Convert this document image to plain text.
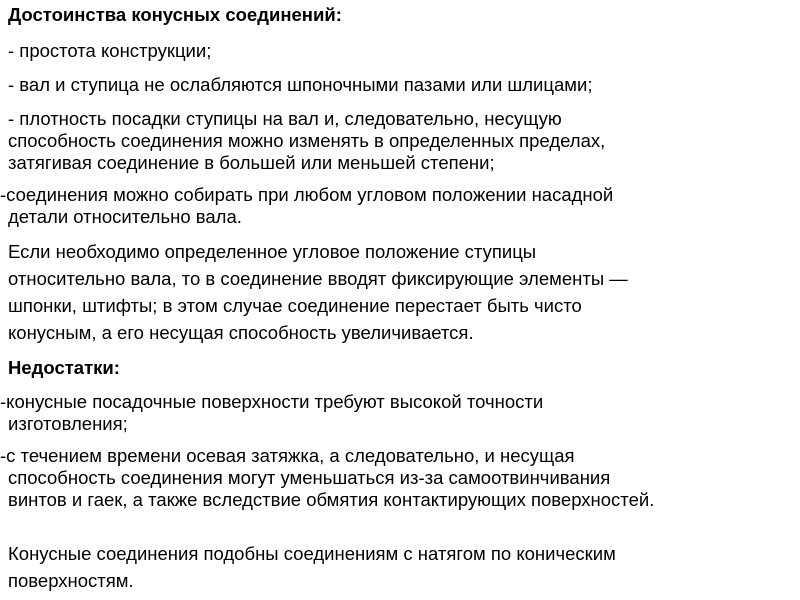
Достоинства конусных соединений:
- простота конструкции;
- вал и ступица не ослабляются шпоночными пазами или шлицами;
- плотность посадки ступицы на вал и, следовательно, несущую
способность соединения можно изменять в определенных пределах,
затягивая соединение в большей или меньшей степени;
-соединения можно собирать при любом угловом положении насадной
детали относительно вала.
Если необходимо определенное угловое положение ступицы
относительно вала, то в соединение вводят фиксирующие элементы —
шпонки, штифты; в этом случае соединение перестает быть чисто
конусным, а его несущая способность увеличивается.
Недостатки:
-конусные посадочные поверхности требуют высокой точности
изготовления;
-с течением времени осевая затяжка, а следовательно, и несущая
способность соединения могут уменьшаться из-за самоотвинчивания
винтов и гаек, а также вследствие обмятия контактирующих поверхностей.
Конусные соединения подобны соединениям с натягом по коническим
поверхностям.
